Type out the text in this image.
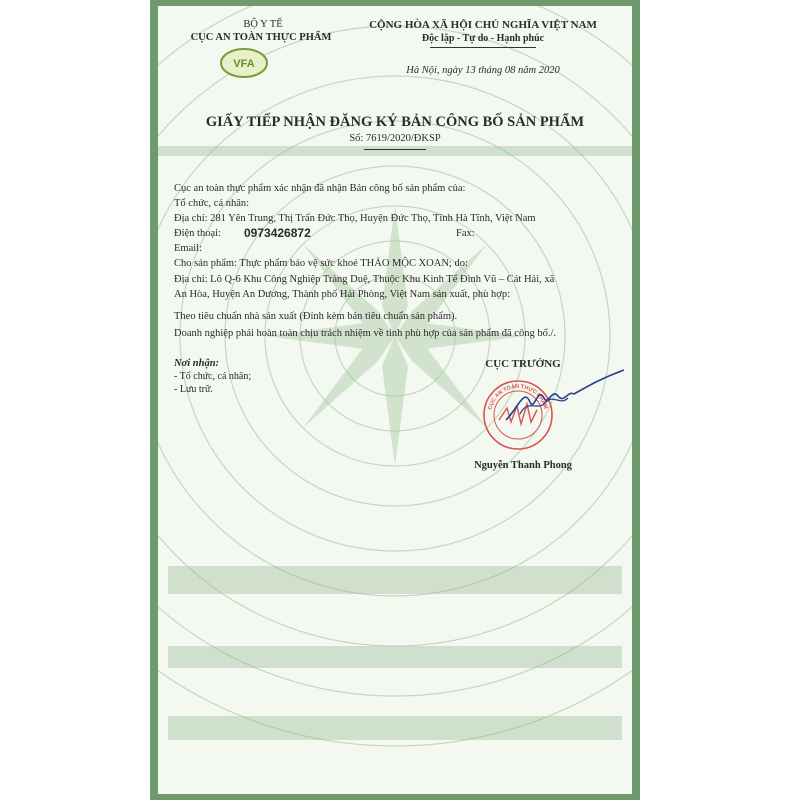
BỘ Y TẾ
CỤC AN TOÀN THỰC PHẨM
VFA
CỘNG HÒA XÃ HỘI CHỦ NGHĨA VIỆT NAM
Độc lập - Tự do - Hạnh phúc
Hà Nội, ngày 13 tháng 08 năm 2020
GIẤY TIẾP NHẬN ĐĂNG KÝ BẢN CÔNG BỐ SẢN PHẨM
Số: 7619/2020/ĐKSP
Cục an toàn thực phẩm xác nhận đã nhận Bản công bố sản phẩm của:
Tổ chức, cá nhân:
Địa chỉ: 281 Yên Trung, Thị Trấn Đức Thọ, Huyện Đức Thọ, Tỉnh Hà Tĩnh, Việt Nam
Điện thoại: 0973426872	Fax:
Email:
Cho sản phẩm: Thực phẩm bảo vệ sức khoẻ THẢO MỘC XOAN; do:
Địa chỉ: Lô Q-6 Khu Công Nghiệp Tràng Duệ, Thuộc Khu Kinh Tế Đình Vũ – Cát Hải, xã
An Hòa, Huyện An Dương, Thành phố Hải Phòng, Việt Nam sản xuất, phù hợp:
Theo tiêu chuẩn nhà sản xuất (Đính kèm bản tiêu chuẩn sản phẩm).
Doanh nghiệp phải hoàn toàn chịu trách nhiệm về tính phù hợp của sản phẩm đã công bố./.
Nơi nhận:
- Tổ chức, cá nhân;
- Lưu trữ.
CỤC TRƯỞNG
CỤC AN TOÀN THỰC PHẨM
Nguyễn Thanh Phong
